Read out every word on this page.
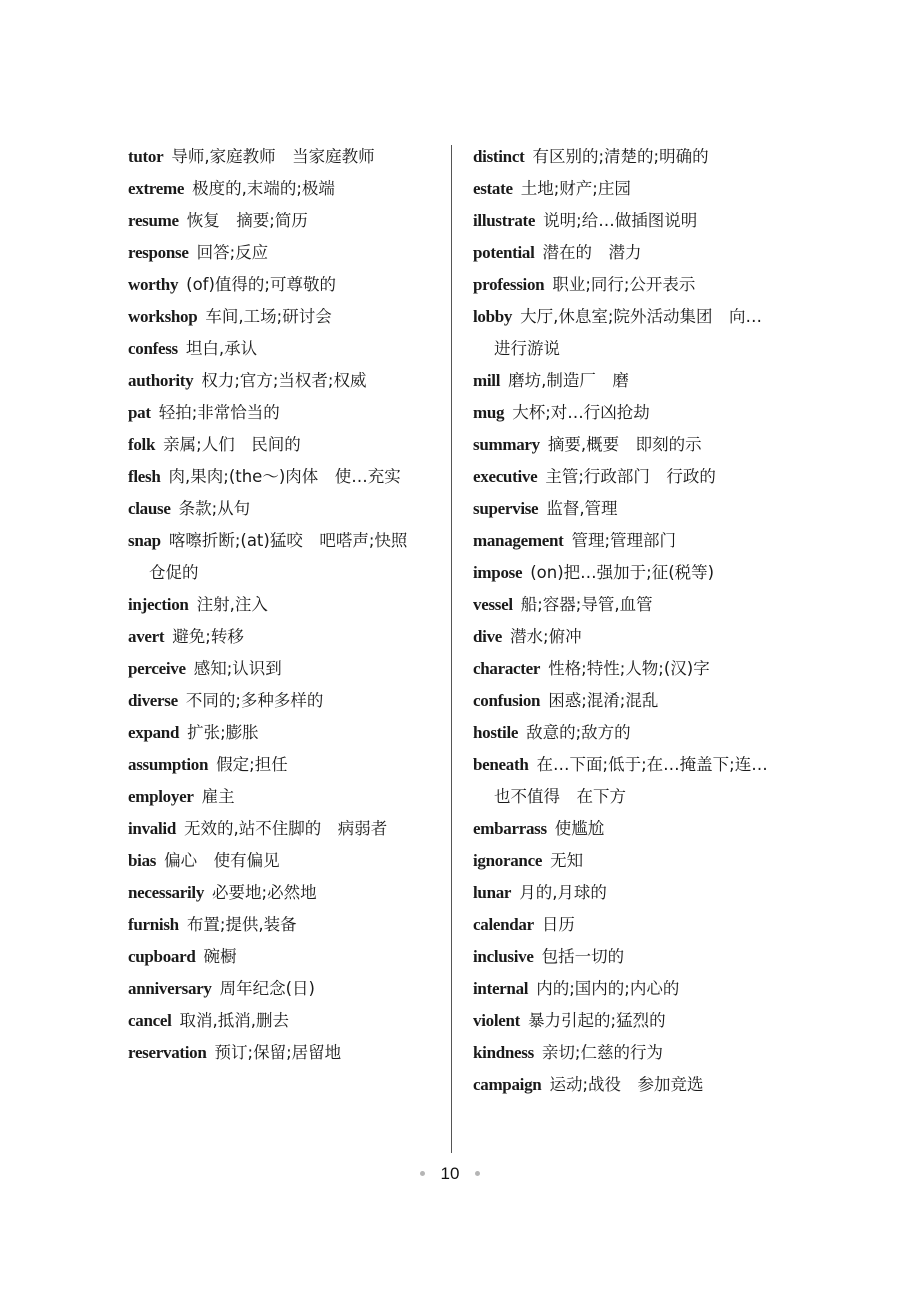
tutor 导师,家庭教师　当家庭教师
extreme 极度的,末端的;极端
resume 恢复　摘要;简历
response 回答;反应
worthy (of)值得的;可尊敬的
workshop 车间,工场;研讨会
confess 坦白,承认
authority 权力;官方;当权者;权威
pat 轻拍;非常恰当的
folk 亲属;人们　民间的
flesh 肉,果肉;(the～)肉体　使…充实
clause 条款;从句
snap 喀嚓折断;(at)猛咬　吧嗒声;快照　仓促的
injection 注射,注入
avert 避免;转移
perceive 感知;认识到
diverse 不同的;多种多样的
expand 扩张;膨胀
assumption 假定;担任
employer 雇主
invalid 无效的,站不住脚的　病弱者
bias 偏心　使有偏见
necessarily 必要地;必然地
furnish 布置;提供,装备
cupboard 碗橱
anniversary 周年纪念(日)
cancel 取消,抵消,删去
reservation 预订;保留;居留地
distinct 有区别的;清楚的;明确的
estate 土地;财产;庄园
illustrate 说明;给…做插图说明
potential 潜在的　潜力
profession 职业;同行;公开表示
lobby 大厅,休息室;院外活动集团　向…进行游说
mill 磨坊,制造厂　磨
mug 大杯;对…行凶抢劫
summary 摘要,概要　即刻的示
executive 主管;行政部门　行政的
supervise 监督,管理
management 管理;管理部门
impose (on)把…强加于;征(税等)
vessel 船;容器;导管,血管
dive 潜水;俯冲
character 性格;特性;人物;(汉)字
confusion 困惑;混淆;混乱
hostile 敌意的;敌方的
beneath 在…下面;低于;在…掩盖下;连…也不值得　在下方
embarrass 使尴尬
ignorance 无知
lunar 月的,月球的
calendar 日历
inclusive 包括一切的
internal 内的;国内的;内心的
violent 暴力引起的;猛烈的
kindness 亲切;仁慈的行为
campaign 运动;战役　参加竞选
10
